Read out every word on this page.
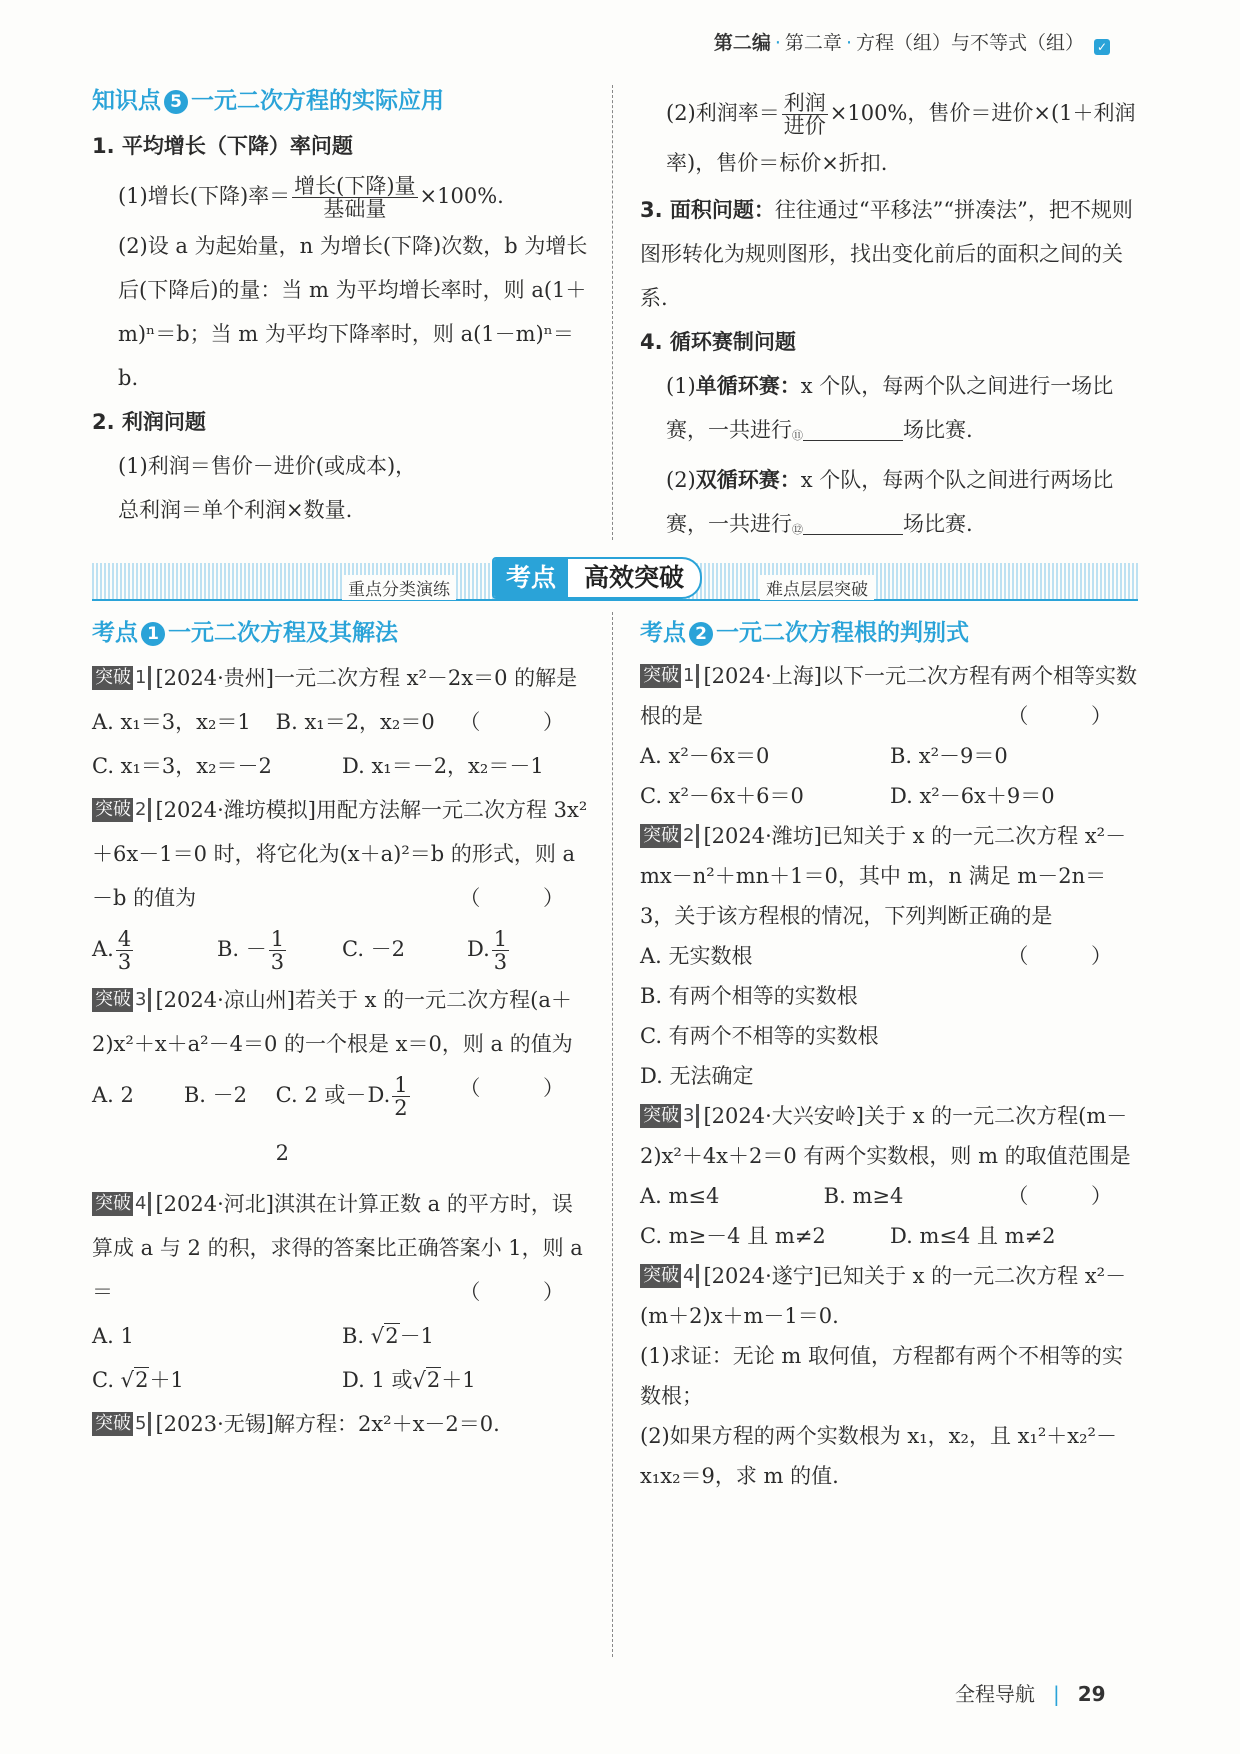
第二编 · 第二章 · 方程（组）与不等式（组） ✓
知识点 5 一元二次方程的实际应用
1. 平均增长（下降）率问题
(1)增长(下降)率＝ $\frac{\text{增长(下降)量}}{\text{基础量}} \times 100\%$.
(2)设 a 为起始量，n 为增长(下降)次数，b 为增长后(下降后)的量：当 m 为平均增长率时，则 a(1＋m)ⁿ＝b；当 m 为平均下降率时，则 a(1－m)ⁿ＝b.
2. 利润问题
(1)利润＝售价－进价(或成本)，
总利润＝单个利润×数量.
(2)利润率＝ $\frac{\text{利润}}{\text{进价}} \times 100\%$，售价＝进价×(1＋利润率)，售价＝标价×折扣.
3. 面积问题：往往通过“平移法”“拼凑法”，把不规则图形转化为规则图形，找出变化前后的面积之间的关系.
4. 循环赛制问题
(1)单循环赛：x 个队，每两个队之间进行一场比赛，一共进行⑪	场比赛.
(2)双循环赛：x 个队，每两个队之间进行两场比赛，一共进行⑫	场比赛.
重点分类演练	考点	高效突破	难点层层突破
考点 1 一元二次方程及其解法
突破 1 [2024·贵州]一元二次方程 x²－2x＝0 的解是
（ ）
A. x₁＝3，x₂＝1	B. x₁＝2，x₂＝0
C. x₁＝3，x₂＝－2	D. x₁＝－2，x₂＝－1
突破 2 [2024·潍坊模拟]用配方法解一元二次方程 3x²＋6x－1＝0 时，将它化为(x＋a)²＝b 的形式，则 a－b 的值为	（ ）
A. $\frac{4}{3}$	B. － $\frac{1}{3}$	C. －2	D. $\frac{1}{3}$
突破 3 [2024·凉山州]若关于 x 的一元二次方程(a＋2)x²＋x＋a²－4＝0 的一个根是 x＝0，则 a 的值为
（ ）
A. 2	B. －2	C. 2 或－2
D. $\frac{1}{2}$
突破 4 [2024·河北]淇淇在计算正数 a 的平方时，误算成 a 与 2 的积，求得的答案比正确答案小 1，则 a＝	（ ）
A. 1	B. √2－1
C. √2＋1	D. 1 或√2＋1
突破 5 [2023·无锡]解方程：2x²＋x－2＝0.
考点 2 一元二次方程根的判别式
突破 1 [2024·上海]以下一元二次方程有两个相等实数根的是	（ ）
A. x²－6x＝0	B. x²－9＝0
C. x²－6x＋6＝0	D. x²－6x＋9＝0
突破 2 [2024·潍坊]已知关于 x 的一元二次方程 x²－mx－n²＋mn＋1＝0，其中 m，n 满足 m－2n＝3，关于该方程根的情况，下列判断正确的是
（ ）
A. 无实数根
B. 有两个相等的实数根
C. 有两个不相等的实数根
D. 无法确定
突破 3 [2024·大兴安岭]关于 x 的一元二次方程(m－2)x²＋4x＋2＝0 有两个实数根，则 m 的取值范围是
（ ）
A. m≤4	B. m≥4
C. m≥－4 且 m≠2	D. m≤4 且 m≠2
突破 4 [2024·遂宁]已知关于 x 的一元二次方程 x²－(m＋2)x＋m－1＝0.
(1)求证：无论 m 取何值，方程都有两个不相等的实数根；
(2)如果方程的两个实数根为 x₁，x₂，且 x₁²＋x₂²－x₁x₂＝9，求 m 的值.
全程导航 | 29
